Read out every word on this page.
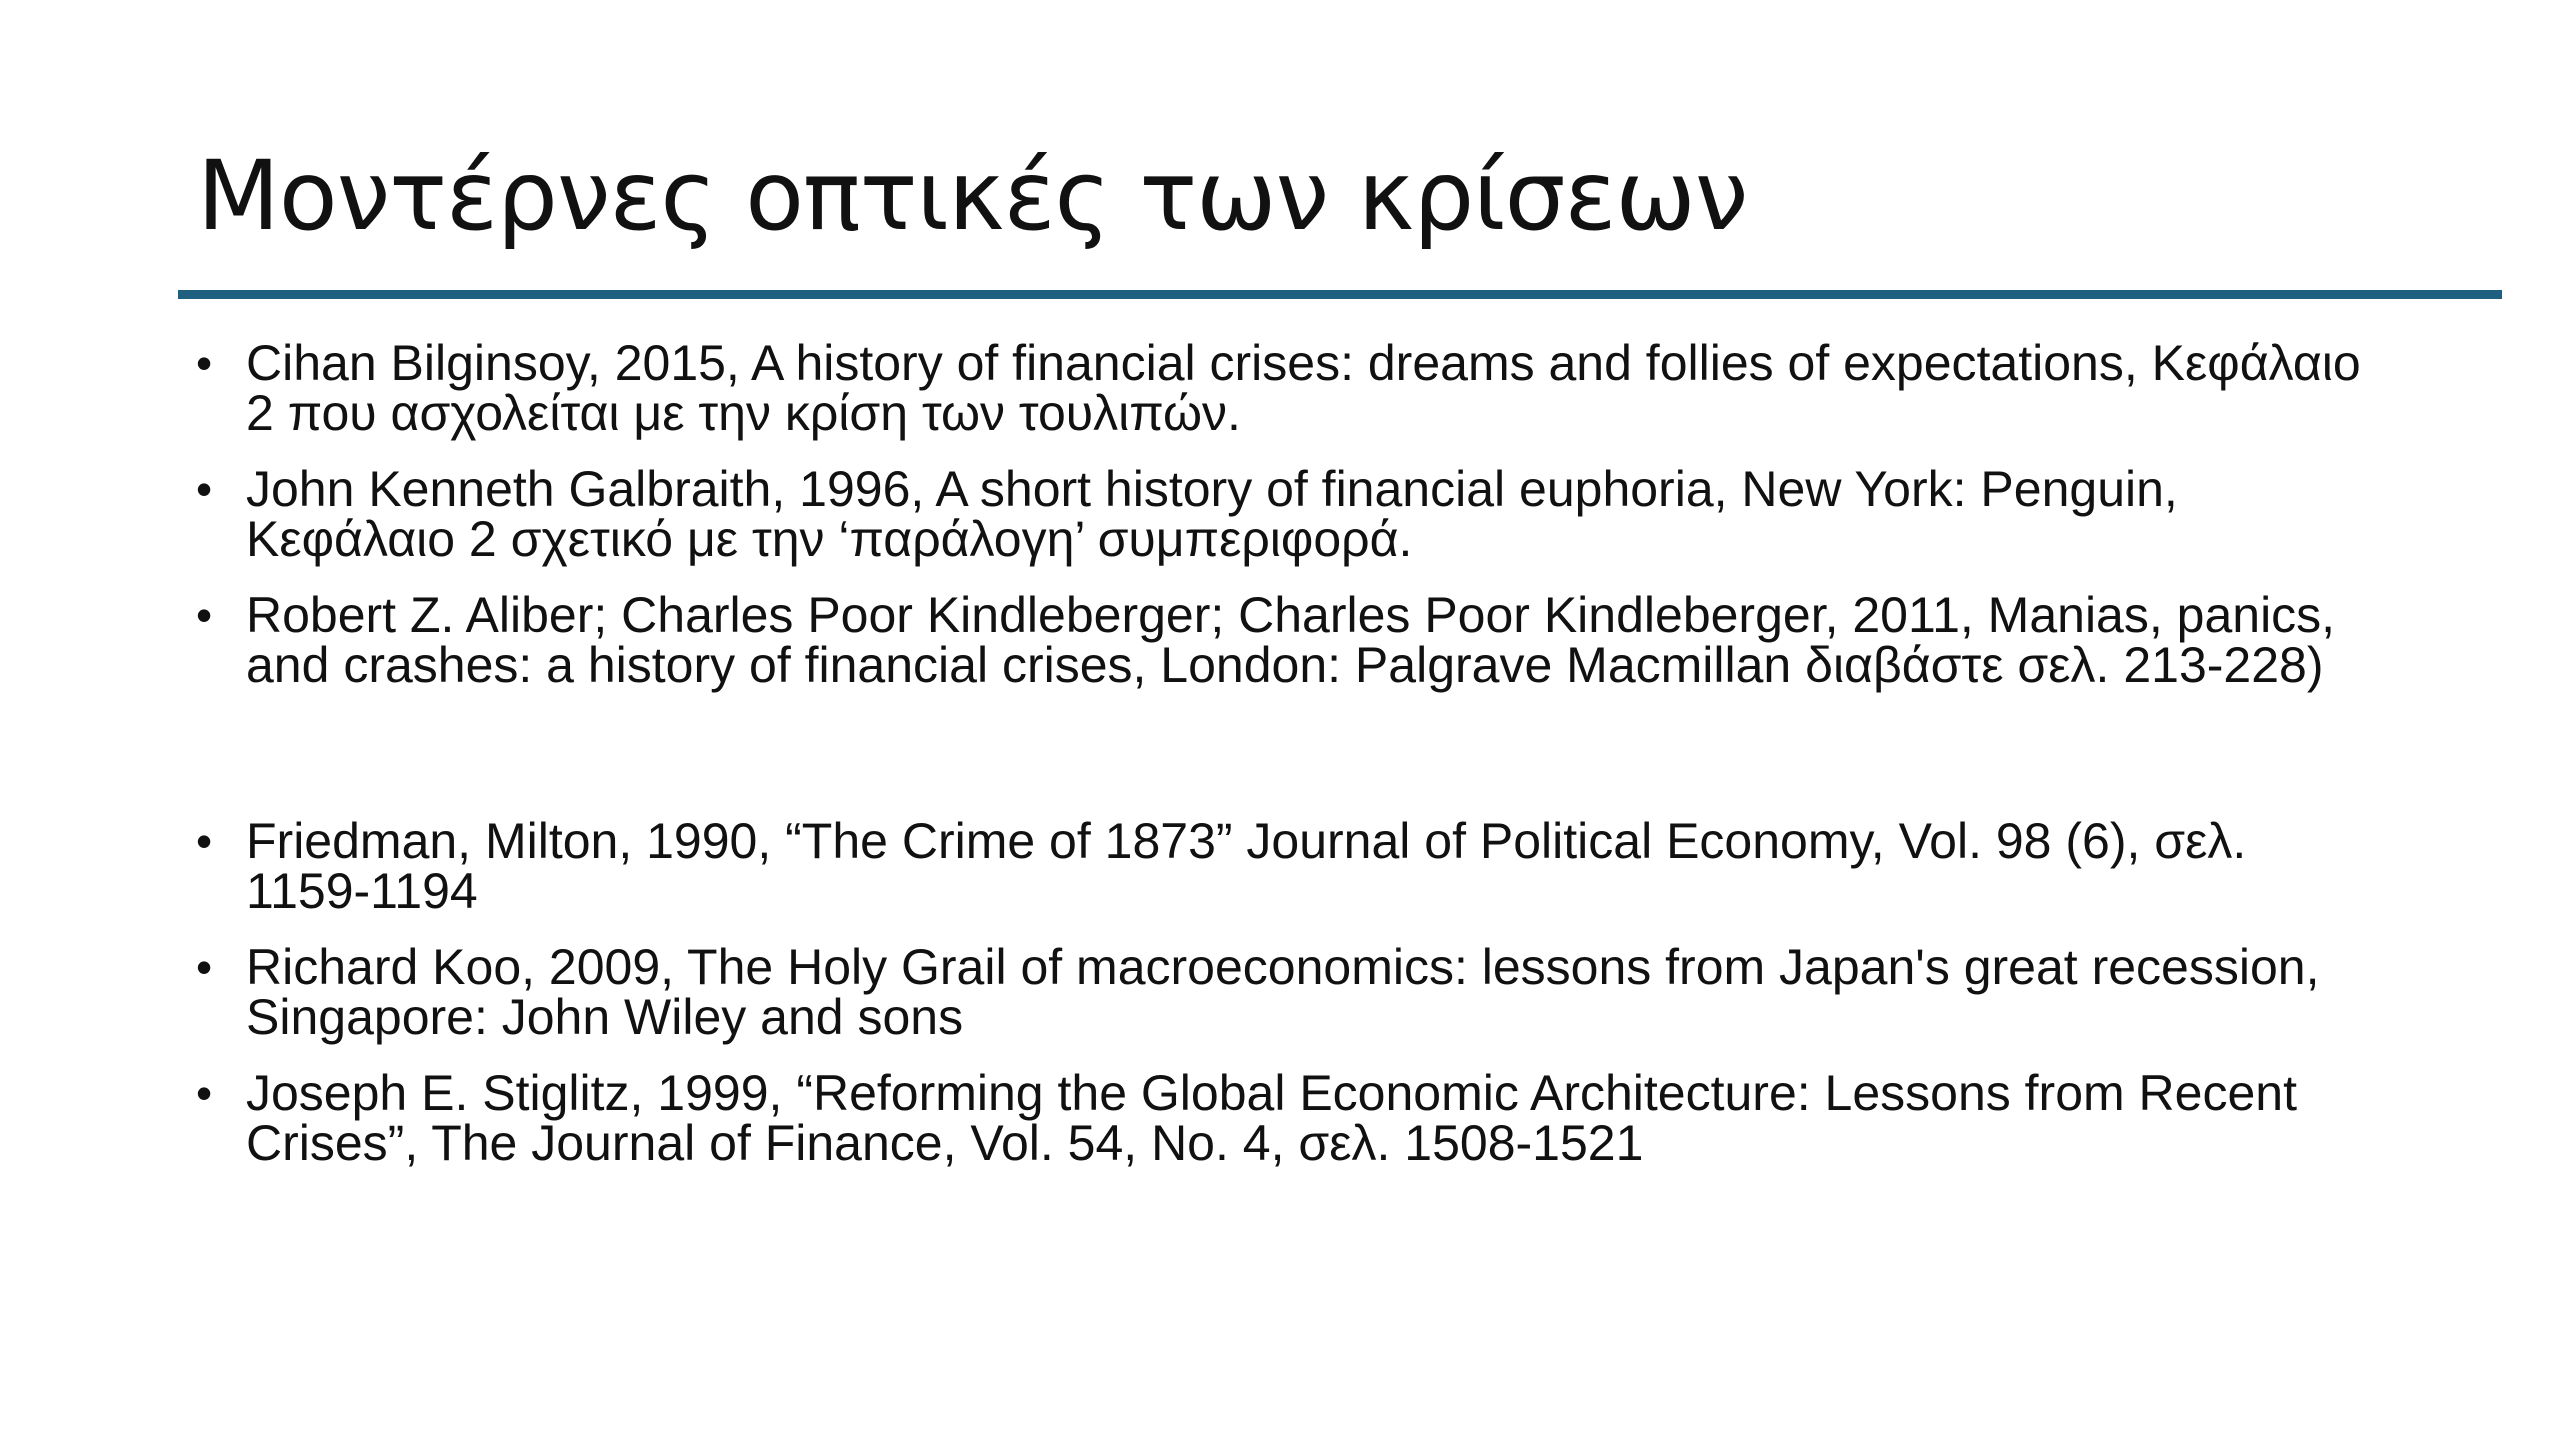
Μοντέρνες οπτικές των κρίσεων
• Cihan Bilginsoy, 2015, A history of financial crises: dreams and follies of expectations, Κεφάλαιο 2 που ασχολείται με την κρίση των τουλιπών.
• John Kenneth Galbraith, 1996, A short history of financial euphoria, New York: Penguin, Κεφάλαιο 2 σχετικό με την ‘παράλογη’ συμπεριφορά.
• Robert Z. Aliber; Charles Poor Kindleberger; Charles Poor Kindleberger, 2011, Manias, panics, and crashes: a history of financial crises, London: Palgrave Macmillan διαβάστε σελ. 213-228)
• Friedman, Milton, 1990, “The Crime of 1873” Journal of Political Economy, Vol. 98 (6), σελ. 1159-1194
• Richard Koo, 2009, The Holy Grail of macroeconomics: lessons from Japan's great recession, Singapore: John Wiley and sons
• Joseph E. Stiglitz, 1999, “Reforming the Global Economic Architecture: Lessons from Recent Crises”, The Journal of Finance, Vol. 54, No. 4, σελ. 1508-1521
